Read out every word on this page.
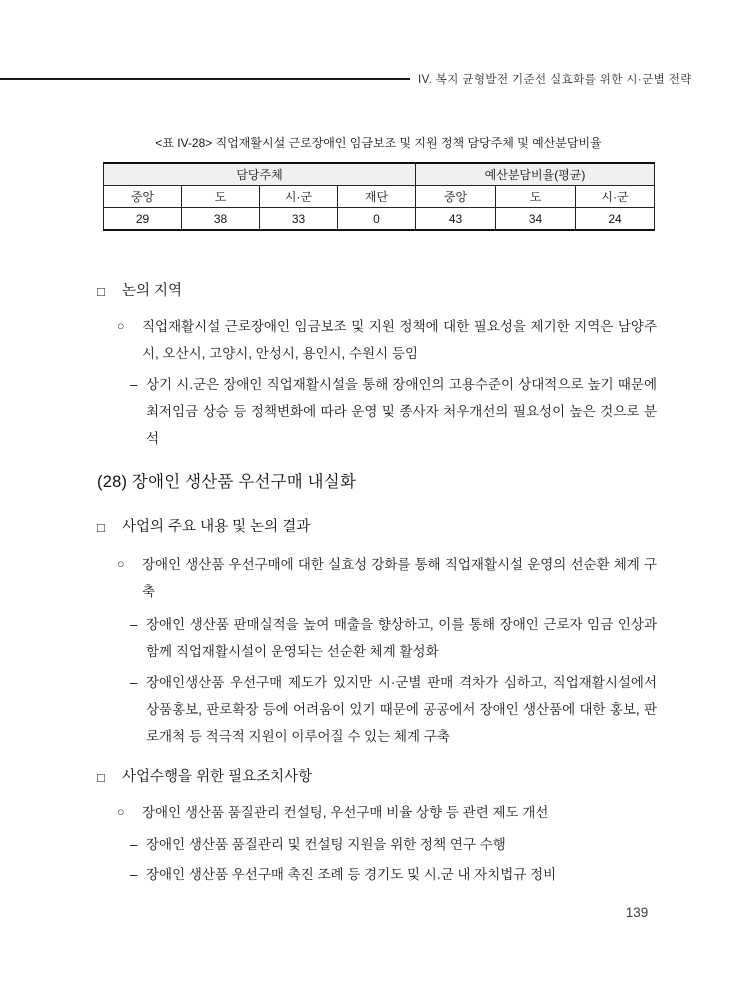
IV. 복지 균형발전 기준선 실효화를 위한 시·군별 전략
<표 IV-28> 직업재활시설 근로장애인 임금보조 및 지원 정책 담당주체 및 예산분담비율
담당주체				예산분담비율(평균)		
중앙	도	시·군	재단	중앙	도	시·군
29	38	33	0	43	34	24
□	논의 지역
○	직업재활시설 근로장애인 임금보조 및 지원 정책에 대한 필요성을 제기한 지역은 남양주시, 오산시, 고양시, 안성시, 용인시, 수원시 등임
– 상기 시.군은 장애인 직업재활시설을 통해 장애인의 고용수준이 상대적으로 높기 때문에 최저임금 상승 등 정책변화에 따라 운영 및 종사자 처우개선의 필요성이 높은 것으로 분석
(28) 장애인 생산품 우선구매 내실화
□	사업의 주요 내용 및 논의 결과
○	장애인 생산품 우선구매에 대한 실효성 강화를 통해 직업재활시설 운영의 선순환 체계 구축
– 장애인 생산품 판매실적을 높여 매출을 향상하고, 이를 통해 장애인 근로자 임금 인상과 함께 직업재활시설이 운영되는 선순환 체계 활성화
– 장애인생산품 우선구매 제도가 있지만 시·군별 판매 격차가 심하고, 직업재활시설에서 상품홍보, 판로확장 등에 어려움이 있기 때문에 공공에서 장애인 생산품에 대한 홍보, 판로개척 등 적극적 지원이 이루어질 수 있는 체계 구축
□	사업수행을 위한 필요조치사항
○	장애인 생산품 품질관리 컨설팅, 우선구매 비율 상향 등 관련 제도 개선
– 장애인 생산품 품질관리 및 컨설팅 지원을 위한 정책 연구 수행
– 장애인 생산품 우선구매 촉진 조례 등 경기도 및 시.군 내 자치법규 정비
139
